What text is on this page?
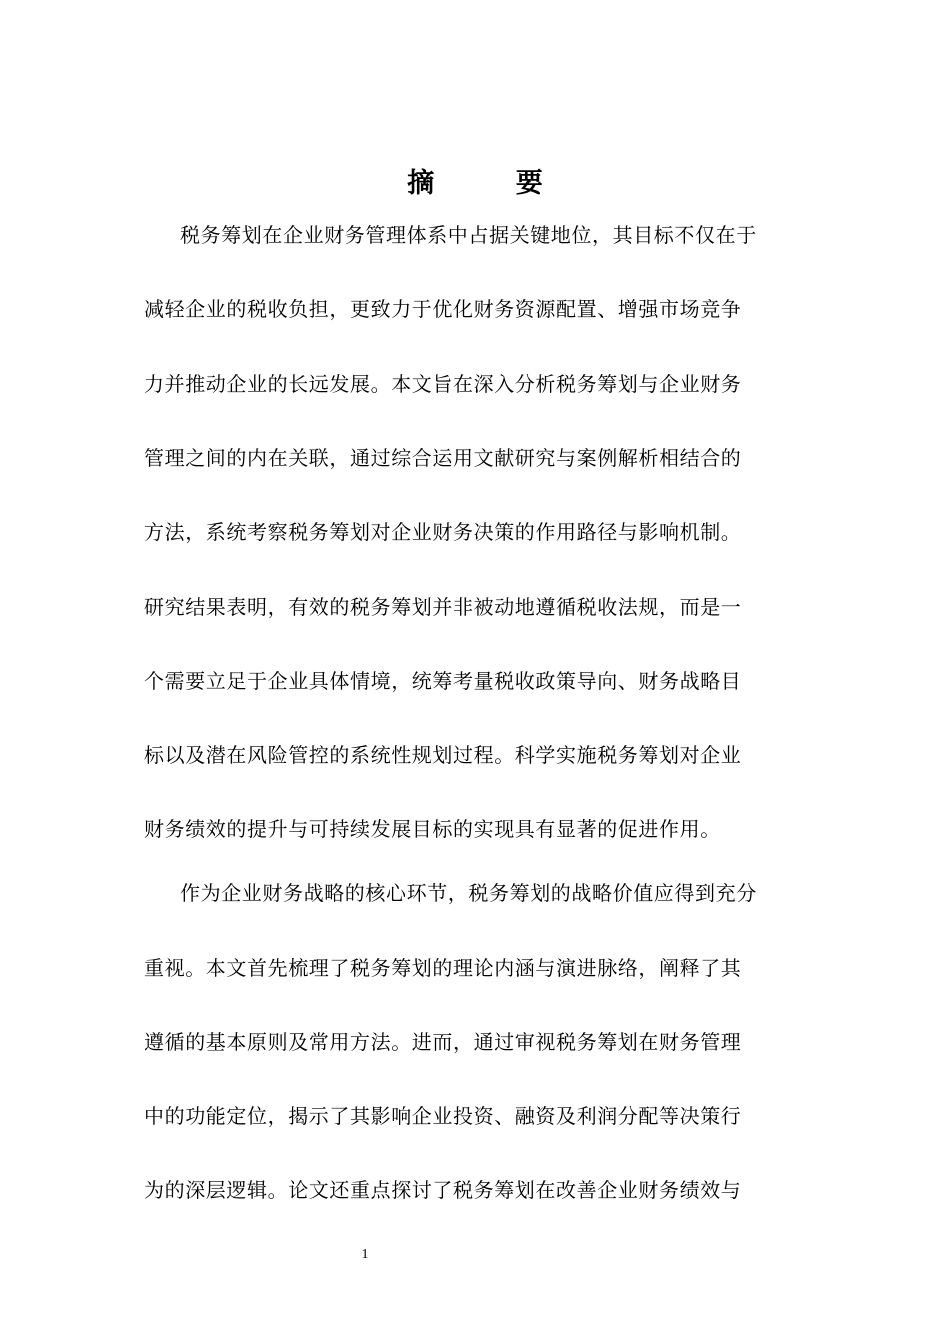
摘 要
税务筹划在企业财务管理体系中占据关键地位，其目标不仅在于
减轻企业的税收负担，更致力于优化财务资源配置、增强市场竞争
力并推动企业的长远发展。本文旨在深入分析税务筹划与企业财务
管理之间的内在关联，通过综合运用文献研究与案例解析相结合的
方法，系统考察税务筹划对企业财务决策的作用路径与影响机制。
研究结果表明，有效的税务筹划并非被动地遵循税收法规，而是一
个需要立足于企业具体情境，统筹考量税收政策导向、财务战略目
标以及潜在风险管控的系统性规划过程。科学实施税务筹划对企业
财务绩效的提升与可持续发展目标的实现具有显著的促进作用。
作为企业财务战略的核心环节，税务筹划的战略价值应得到充分
重视。本文首先梳理了税务筹划的理论内涵与演进脉络，阐释了其
遵循的基本原则及常用方法。进而，通过审视税务筹划在财务管理
中的功能定位，揭示了其影响企业投资、融资及利润分配等决策行
为的深层逻辑。论文还重点探讨了税务筹划在改善企业财务绩效与
1
